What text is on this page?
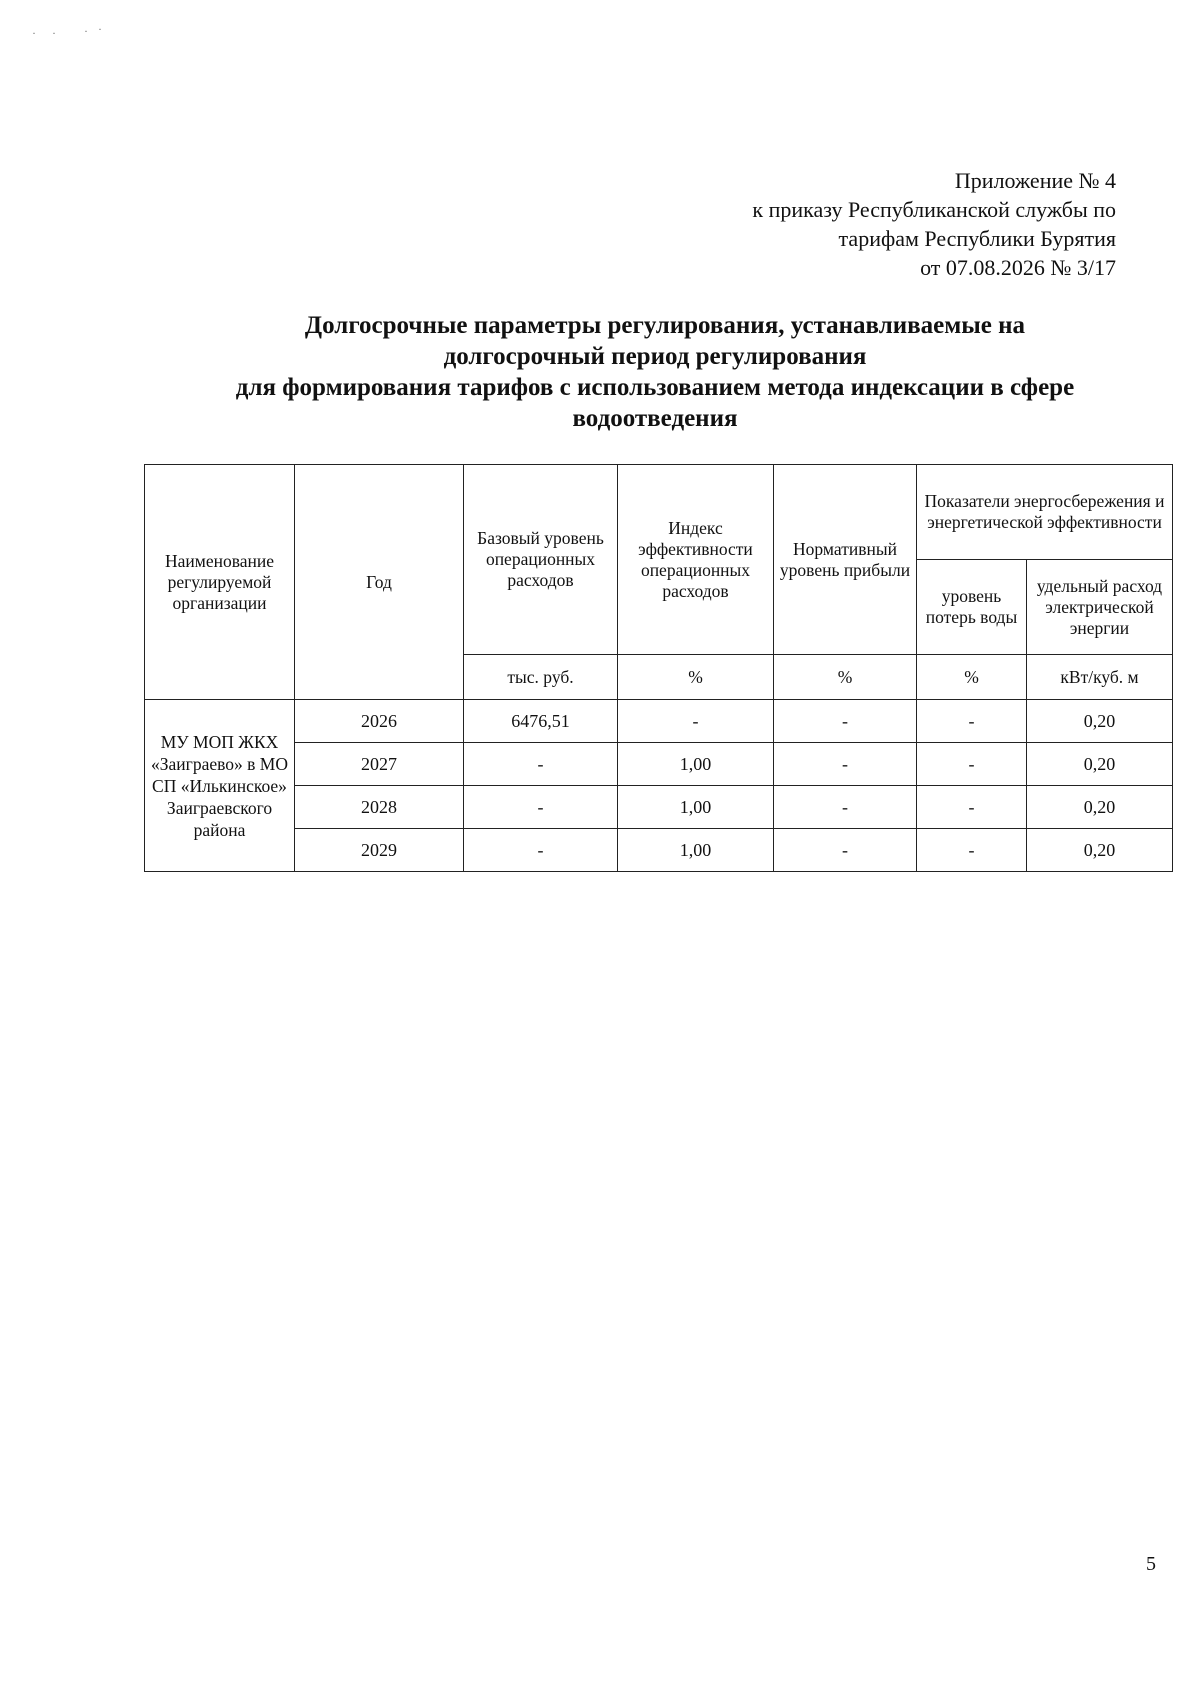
Приложение № 4
к приказу Республиканской службы по
тарифам Республики Бурятия
от 07.08.2026 № 3/17
Долгосрочные параметры регулирования, устанавливаемые на
долгосрочный период регулирования
для формирования тарифов с использованием метода индексации в сфере
водоотведения
Наименование регулируемой организации	Год	Базовый уровень операционных расходов	Индекс эффективности операционных расходов	Нормативный уровень прибыли	Показатели энергосбережения и энергетической эффективности	
					уровень потерь воды	удельный расход электрической энергии
		тыс. руб.	%	%	%	кВт/куб. м
МУ МОП ЖКХ «Заиграево» в МО СП «Илькинское» Заиграевского района	2026	6476,51	-	-	-	0,20
	2027	-	1,00	-	-	0,20
	2028	-	1,00	-	-	0,20
	2029	-	1,00	-	-	0,20
5
· · · ·
